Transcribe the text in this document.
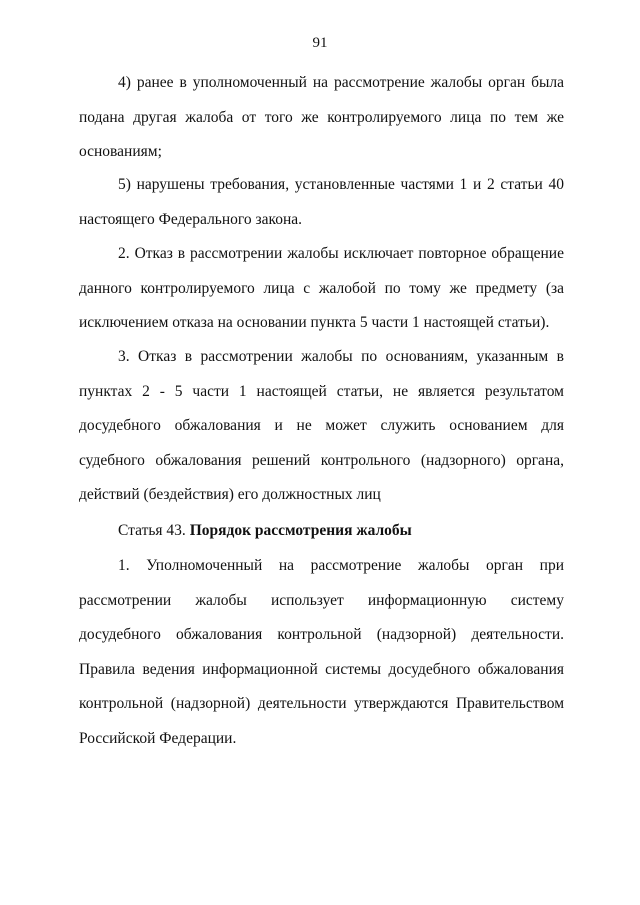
91

4) ранее в уполномоченный на рассмотрение жалобы орган была подана другая жалоба от того же контролируемого лица по тем же основаниям;

5) нарушены требования, установленные частями 1 и 2 статьи 40 настоящего Федерального закона.

2. Отказ в рассмотрении жалобы исключает повторное обращение данного контролируемого лица с жалобой по тому же предмету (за исключением отказа на основании пункта 5 части 1 настоящей статьи).

3. Отказ в рассмотрении жалобы по основаниям, указанным в пунктах 2 - 5 части 1 настоящей статьи, не является результатом досудебного обжалования и не может служить основанием для судебного обжалования решений контрольного (надзорного) органа, действий (бездействия) его должностных лиц

Статья 43. Порядок рассмотрения жалобы

1. Уполномоченный на рассмотрение жалобы орган при рассмотрении жалобы использует информационную систему досудебного обжалования контрольной (надзорной) деятельности. Правила ведения информационной системы досудебного обжалования контрольной (надзорной) деятельности утверждаются Правительством Российской Федерации.
